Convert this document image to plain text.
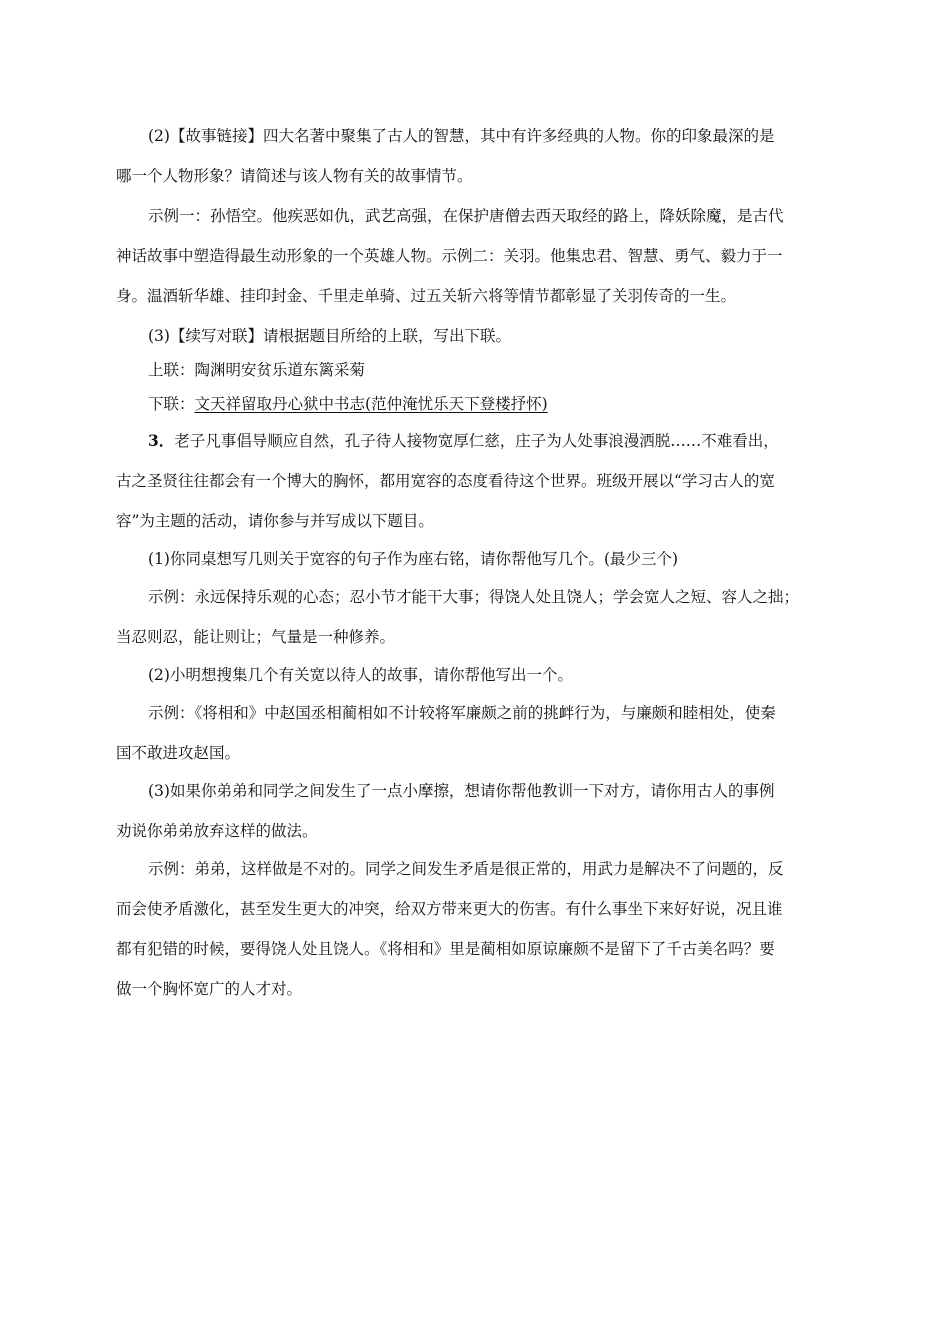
(2)【故事链接】四大名著中聚集了古人的智慧，其中有许多经典的人物。你的印象最深的是
哪一个人物形象？请简述与该人物有关的故事情节。
示例一：孙悟空。他疾恶如仇，武艺高强，在保护唐僧去西天取经的路上，降妖除魔，是古代
神话故事中塑造得最生动形象的一个英雄人物。示例二：关羽。他集忠君、智慧、勇气、毅力于一
身。温酒斩华雄、挂印封金、千里走单骑、过五关斩六将等情节都彰显了关羽传奇的一生。
(3)【续写对联】请根据题目所给的上联，写出下联。
上联：陶渊明安贫乐道东篱采菊
下联：文天祥留取丹心狱中书志(范仲淹忧乐天下登楼抒怀)
3．老子凡事倡导顺应自然，孔子待人接物宽厚仁慈，庄子为人处事浪漫洒脱……不难看出，
古之圣贤往往都会有一个博大的胸怀，都用宽容的态度看待这个世界。班级开展以“学习古人的宽
容”为主题的活动，请你参与并写成以下题目。
(1)你同桌想写几则关于宽容的句子作为座右铭，请你帮他写几个。(最少三个)
示例：永远保持乐观的心态；忍小节才能干大事；得饶人处且饶人；学会宽人之短、容人之拙；
当忍则忍，能让则让；气量是一种修养。
(2)小明想搜集几个有关宽以待人的故事，请你帮他写出一个。
示例：《将相和》中赵国丞相蔺相如不计较将军廉颇之前的挑衅行为，与廉颇和睦相处，使秦
国不敢进攻赵国。
(3)如果你弟弟和同学之间发生了一点小摩擦，想请你帮他教训一下对方，请你用古人的事例
劝说你弟弟放弃这样的做法。
示例：弟弟，这样做是不对的。同学之间发生矛盾是很正常的，用武力是解决不了问题的，反
而会使矛盾激化，甚至发生更大的冲突，给双方带来更大的伤害。有什么事坐下来好好说，况且谁
都有犯错的时候，要得饶人处且饶人。《将相和》里是蔺相如原谅廉颇不是留下了千古美名吗？要
做一个胸怀宽广的人才对。
